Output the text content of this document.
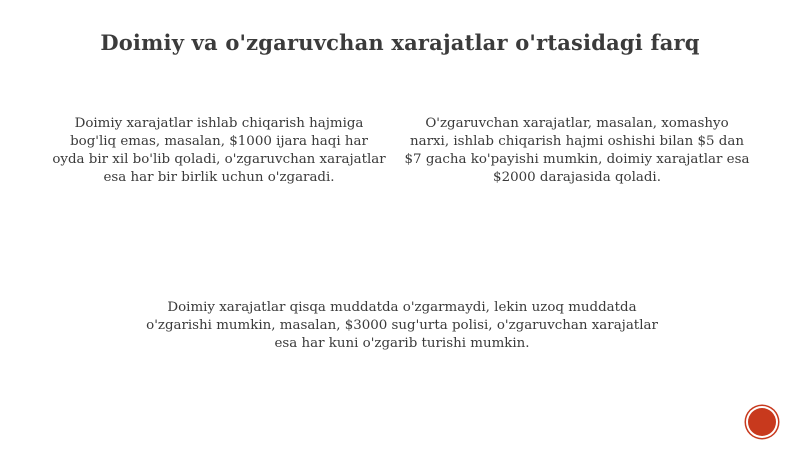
Doimiy va o'zgaruvchan xarajatlar o'rtasidagi farq
Doimiy xarajatlar ishlab chiqarish hajmiga bog'liq emas, masalan, $1000 ijara haqi har oyda bir xil bo'lib qoladi, o'zgaruvchan xarajatlar esa har bir birlik uchun o'zgaradi.
O'zgaruvchan xarajatlar, masalan, xomashyo narxi, ishlab chiqarish hajmi oshishi bilan $5 dan $7 gacha ko'payishi mumkin, doimiy xarajatlar esa $2000 darajasida qoladi.
Doimiy xarajatlar qisqa muddatda o'zgarmaydi, lekin uzoq muddatda o'zgarishi mumkin, masalan, $3000 sug'urta polisi, o'zgaruvchan xarajatlar esa har kuni o'zgarib turishi mumkin.
